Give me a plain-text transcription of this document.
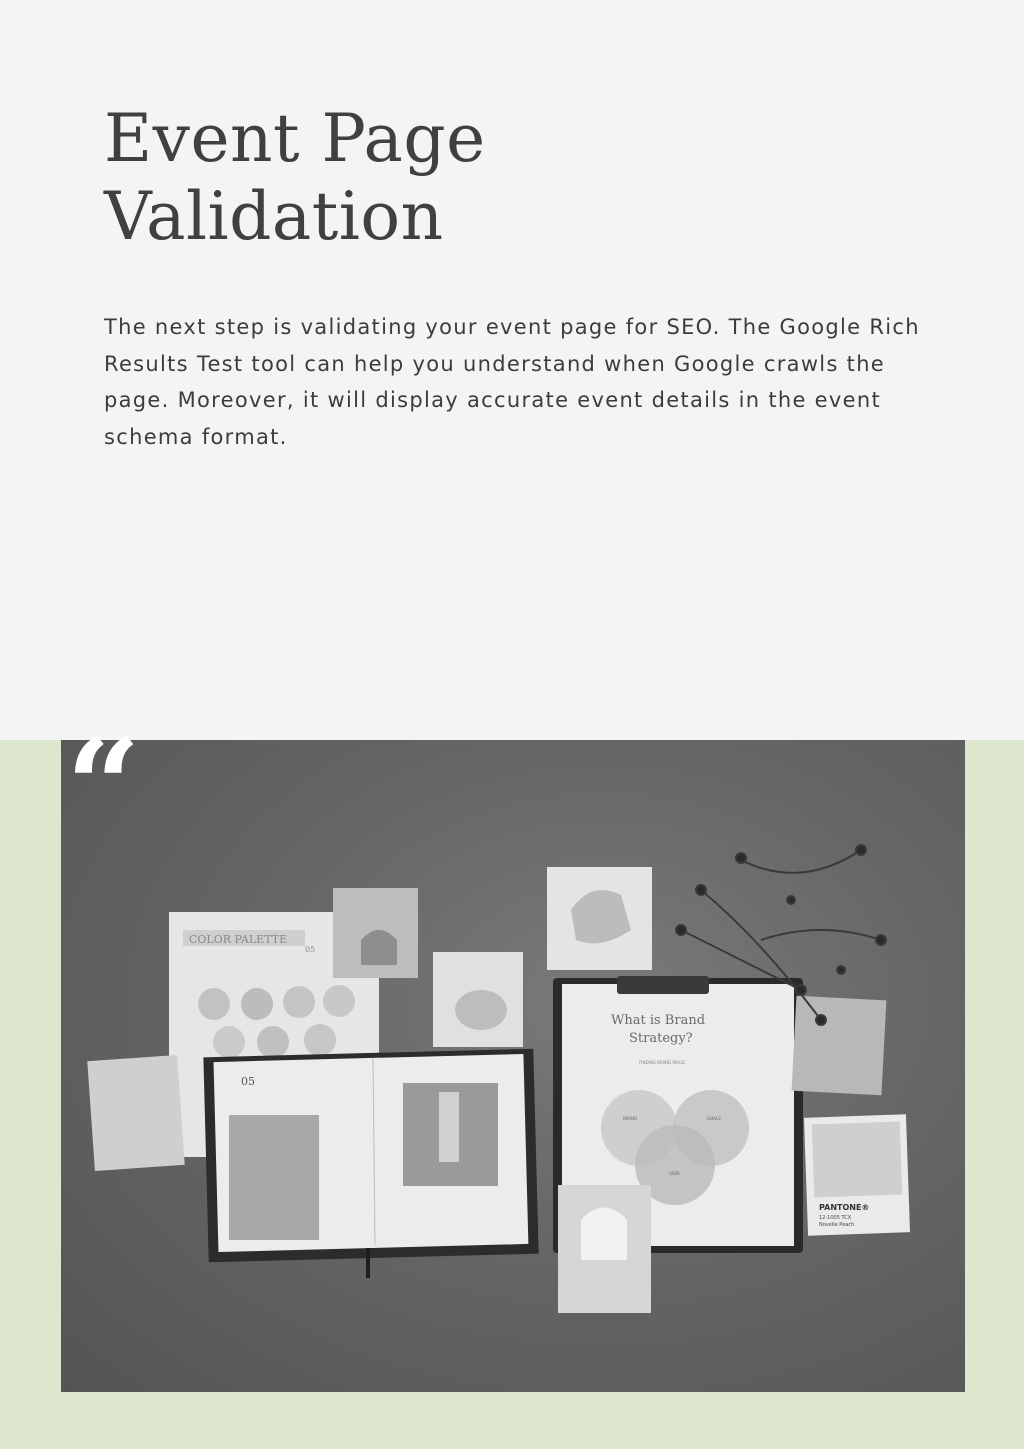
Event Page
Validation

The next step is validating your event page for SEO. The Google Rich Results Test tool can help you understand when Google crawls the page. Moreover, it will display accurate event details in the event schema format.

COLOR PALETTE
05
05
What is Brand
Strategy?
FINDING BRAND MAGIC
BRAND	GOALS
USER
PANTONE®
12-1005 TCX
Novelle Peach
“
